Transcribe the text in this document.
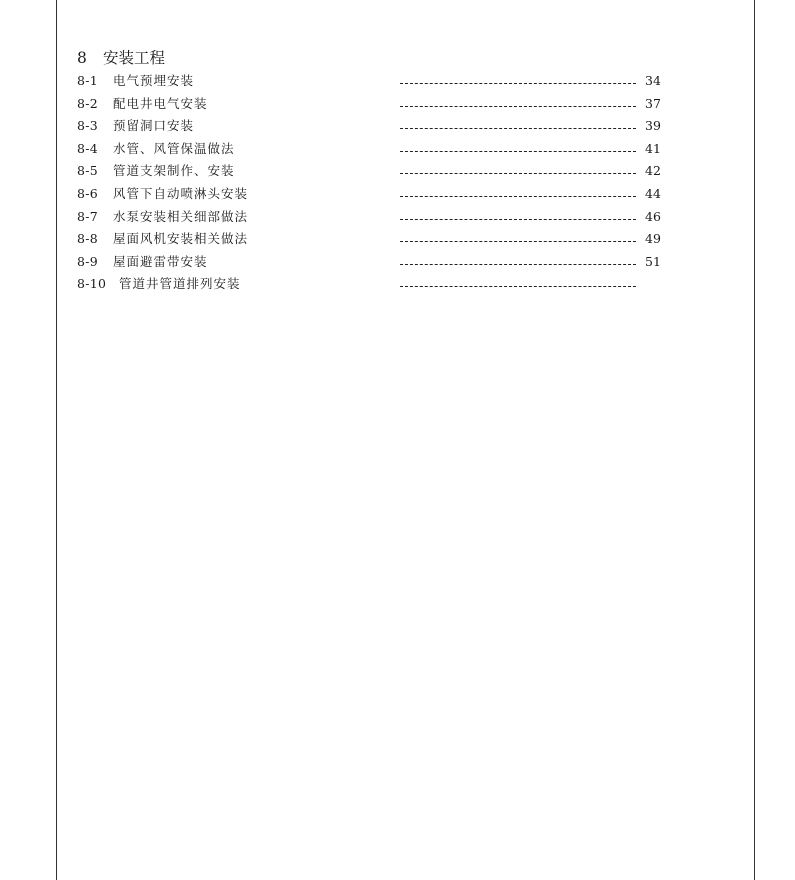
8 安装工程
8-1 电气预埋安装	34
8-2 配电井电气安装	37
8-3 预留洞口安装	39
8-4 水管、风管保温做法	41
8-5 管道支架制作、安装	42
8-6 风管下自动喷淋头安装	44
8-7 水泵安装相关细部做法	46
8-8 屋面风机安装相关做法	49
8-9 屋面避雷带安装	51
8-10 管道井管道排列安装
